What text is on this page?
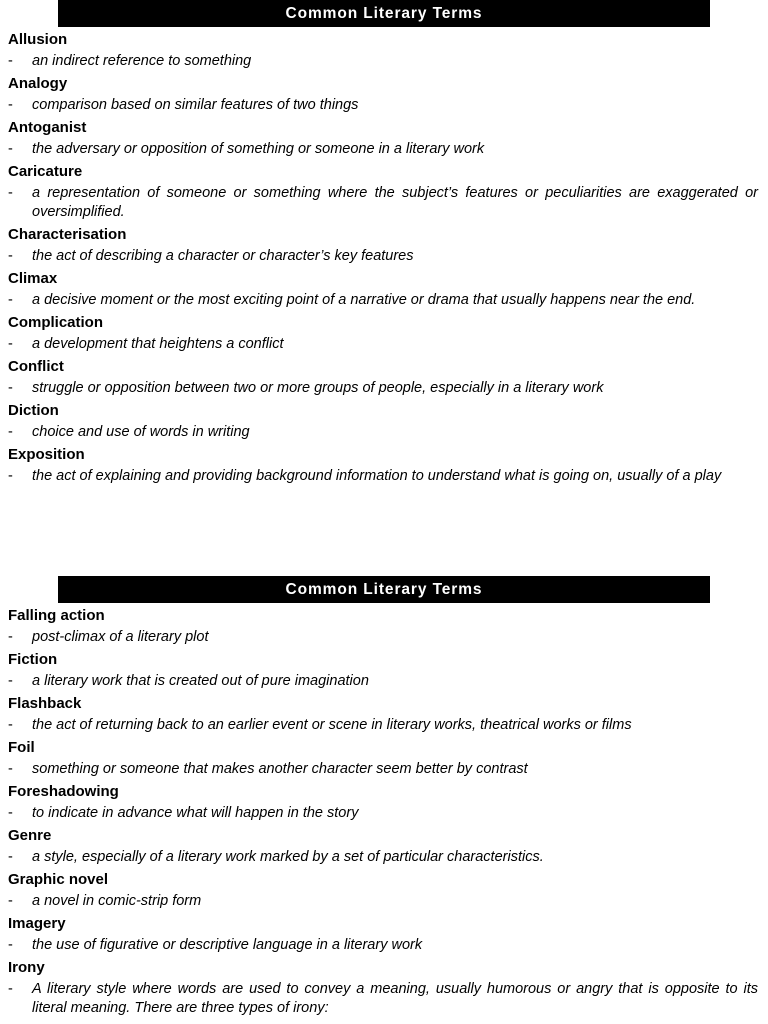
Common Literary Terms
Allusion
-	an indirect reference to something
Analogy
-	comparison based on similar features of two things
Antoganist
-	the adversary or opposition of something or someone in a literary work
Caricature
-	a representation of someone or something where the subject’s features or peculiarities are exaggerated or oversimplified.
Characterisation
-	the act of describing a character or character’s key features
Climax
-	a decisive moment or the most exciting point of a narrative or drama that usually happens near the end.
Complication
-	a development that heightens a conflict
Conflict
-	struggle or opposition between two or more groups of people, especially in a literary work
Diction
-	choice and use of words in writing
Exposition
-	the act of explaining and providing background information to understand what is going on, usually of a play
Common Literary Terms
Falling action
-	post-climax of a literary plot
Fiction
-	a literary work that is created out of pure imagination
Flashback
-	the act of returning back to an earlier event or scene in literary works, theatrical works or films
Foil
-	something or someone that makes another character seem better by contrast
Foreshadowing
-	to indicate in advance what will happen in the story
Genre
-	a style, especially of a literary work marked by a set of particular characteristics.
Graphic novel
-	a novel in comic-strip form
Imagery
-	the use of figurative or descriptive language in a literary work
Irony
-	A literary style where words are used to convey a meaning, usually humorous or angry that is opposite to its literal meaning. There are three types of irony:
